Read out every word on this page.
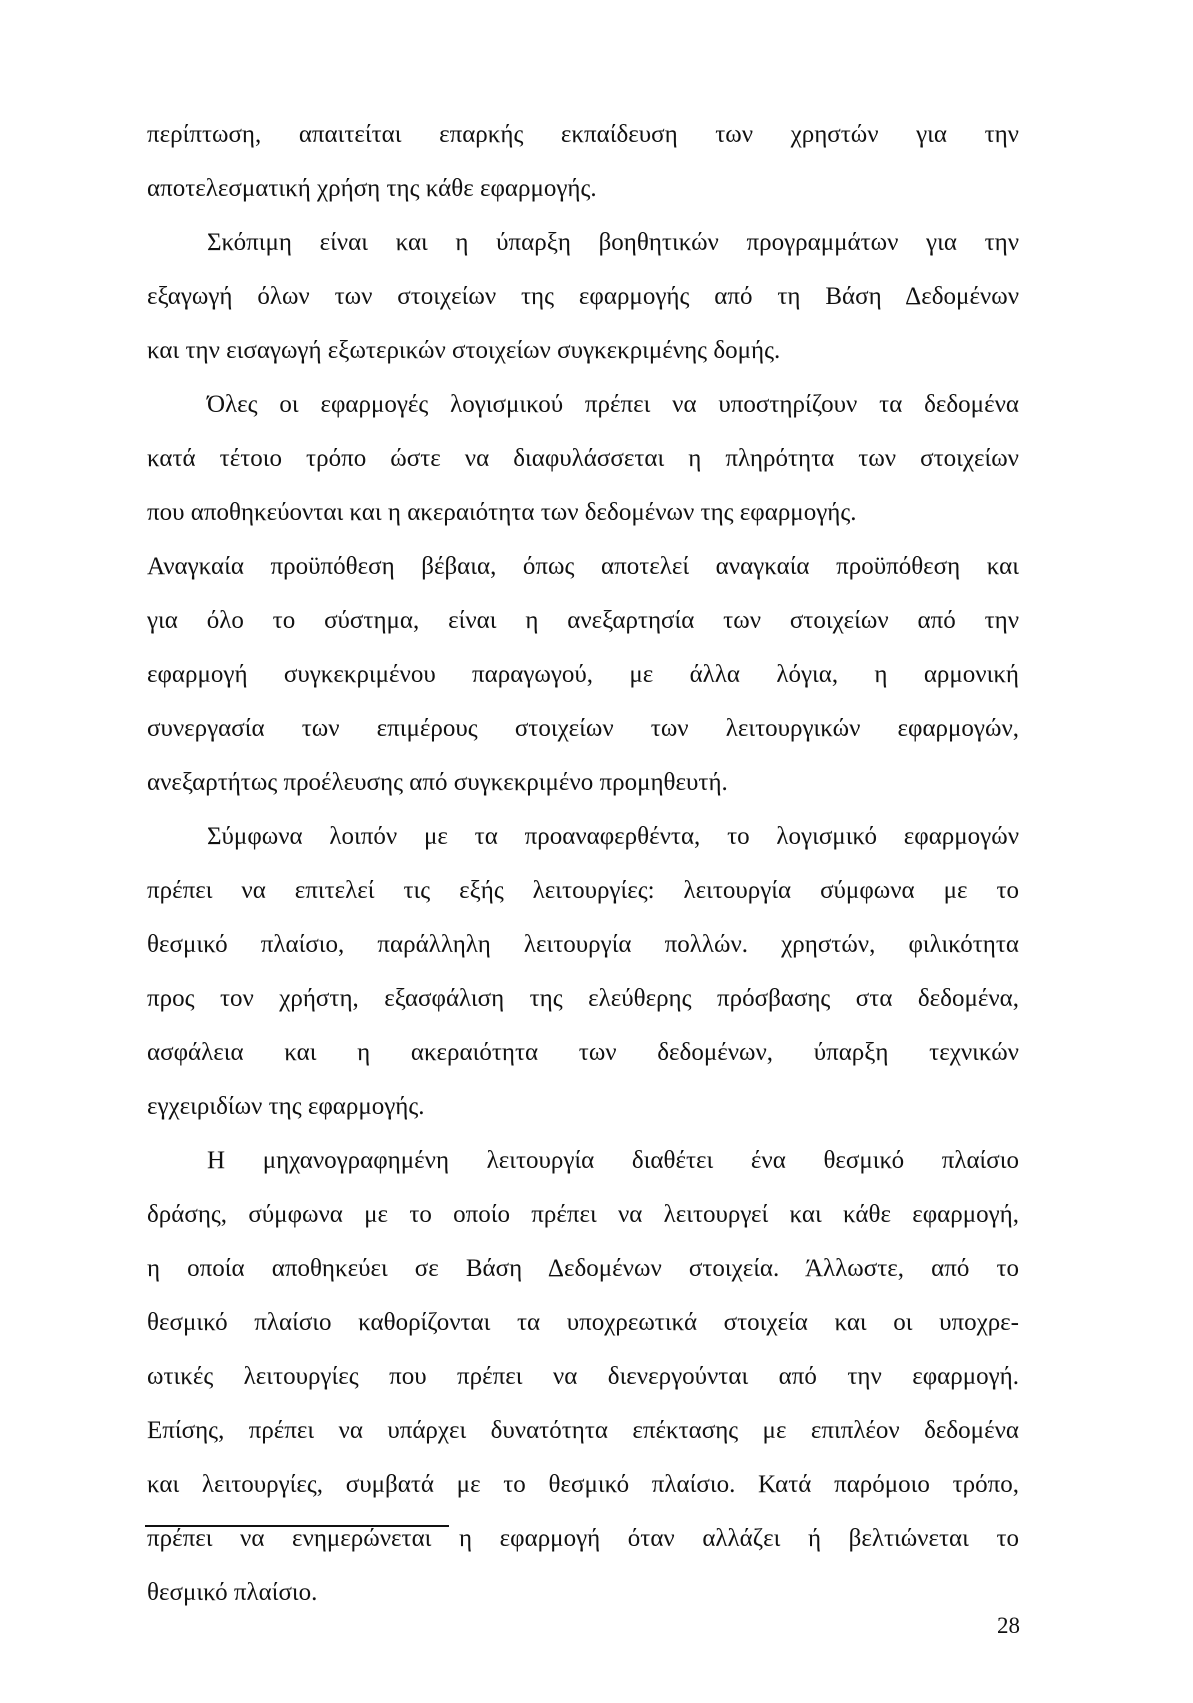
περίπτωση, απαιτείται επαρκής εκπαίδευση των χρηστών για την
αποτελεσματική χρήση της κάθε εφαρμογής.
Σκόπιμη είναι και η ύπαρξη βοηθητικών προγραμμάτων για την
εξαγωγή όλων των στοιχείων της εφαρμογής από τη Βάση Δεδομένων
και την εισαγωγή εξωτερικών στοιχείων συγκεκριμένης δομής.
Όλες οι εφαρμογές λογισμικού πρέπει να υποστηρίζουν τα δεδομένα
κατά τέτοιο τρόπο ώστε να διαφυλάσσεται η πληρότητα των στοιχείων
που αποθηκεύονται και η ακεραιότητα των δεδομένων της εφαρμογής.
Αναγκαία προϋπόθεση βέβαια, όπως αποτελεί αναγκαία προϋπόθεση και
για όλο το σύστημα, είναι η ανεξαρτησία των στοιχείων από την
εφαρμογή συγκεκριμένου παραγωγού, με άλλα λόγια, η αρμονική
συνεργασία των επιμέρους στοιχείων των λειτουργικών εφαρμογών,
ανεξαρτήτως προέλευσης από συγκεκριμένο προμηθευτή.
Σύμφωνα λοιπόν με τα προαναφερθέντα, το λογισμικό εφαρμογών
πρέπει να επιτελεί τις εξής λειτουργίες: λειτουργία σύμφωνα με το
θεσμικό πλαίσιο, παράλληλη λειτουργία πολλών. χρηστών, φιλικότητα
προς τον χρήστη, εξασφάλιση της ελεύθερης πρόσβασης στα δεδομένα,
ασφάλεια και η ακεραιότητα των δεδομένων, ύπαρξη τεχνικών
εγχειριδίων της εφαρμογής.
Η μηχανογραφημένη λειτουργία διαθέτει ένα θεσμικό πλαίσιο
δράσης, σύμφωνα με το οποίο πρέπει να λειτουργεί και κάθε εφαρμογή,
η οποία αποθηκεύει σε Βάση Δεδομένων στοιχεία. Άλλωστε, από το
θεσμικό πλαίσιο καθορίζονται τα υποχρεωτικά στοιχεία και οι υποχρε-
ωτικές λειτουργίες που πρέπει να διενεργούνται από την εφαρμογή.
Επίσης, πρέπει να υπάρχει δυνατότητα επέκτασης με επιπλέον δεδομένα
και λειτουργίες, συμβατά με το θεσμικό πλαίσιο. Κατά παρόμοιο τρόπο,
πρέπει να ενημερώνεται η εφαρμογή όταν αλλάζει ή βελτιώνεται το
θεσμικό πλαίσιο.
28
